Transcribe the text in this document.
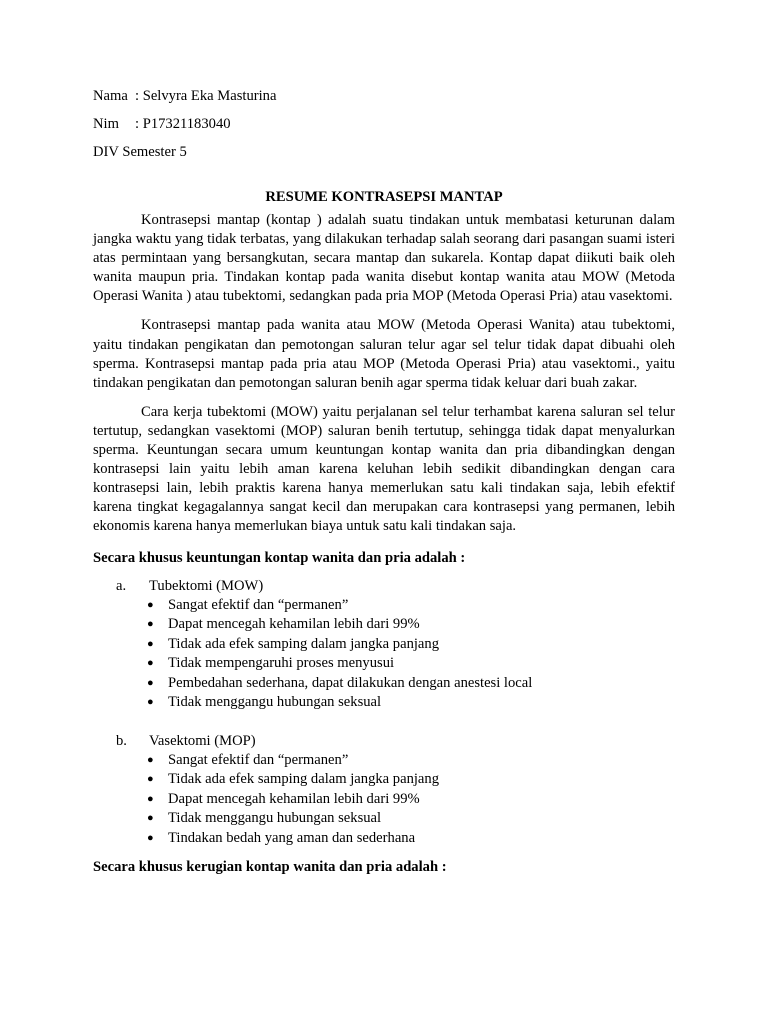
Nama : Selvyra Eka Masturina
Nim : P17321183040
DIV Semester 5
RESUME KONTRASEPSI MANTAP

Kontrasepsi mantap (kontap ) adalah suatu tindakan untuk membatasi keturunan dalam jangka waktu yang tidak terbatas, yang dilakukan terhadap salah seorang dari pasangan suami isteri atas permintaan yang bersangkutan, secara mantap dan sukarela. Kontap dapat diikuti baik oleh wanita maupun pria. Tindakan kontap pada wanita disebut kontap wanita atau MOW (Metoda Operasi Wanita ) atau tubektomi, sedangkan pada pria MOP (Metoda Operasi Pria) atau vasektomi.

Kontrasepsi mantap pada wanita atau MOW (Metoda Operasi Wanita) atau tubektomi, yaitu tindakan pengikatan dan pemotongan saluran telur agar sel telur tidak dapat dibuahi oleh sperma. Kontrasepsi mantap pada pria atau MOP (Metoda Operasi Pria) atau vasektomi., yaitu tindakan pengikatan dan pemotongan saluran benih agar sperma tidak keluar dari buah zakar.

Cara kerja tubektomi (MOW) yaitu perjalanan sel telur terhambat karena saluran sel telur tertutup, sedangkan vasektomi (MOP) saluran benih tertutup, sehingga tidak dapat menyalurkan sperma. Keuntungan secara umum keuntungan kontap wanita dan pria dibandingkan dengan kontrasepsi lain yaitu lebih aman karena keluhan lebih sedikit dibandingkan dengan cara kontrasepsi lain, lebih praktis karena hanya memerlukan satu kali tindakan saja, lebih efektif karena tingkat kegagalannya sangat kecil dan merupakan cara kontrasepsi yang permanen, lebih ekonomis karena hanya memerlukan biaya untuk satu kali tindakan saja.

Secara khusus keuntungan kontap wanita dan pria adalah :
a. Tubektomi (MOW)
● Sangat efektif dan “permanen”
● Dapat mencegah kehamilan lebih dari 99%
● Tidak ada efek samping dalam jangka panjang
● Tidak mempengaruhi proses menyusui
● Pembedahan sederhana, dapat dilakukan dengan anestesi local
● Tidak menggangu hubungan seksual
b. Vasektomi (MOP)
● Sangat efektif dan “permanen”
● Tidak ada efek samping dalam jangka panjang
● Dapat mencegah kehamilan lebih dari 99%
● Tidak menggangu hubungan seksual
● Tindakan bedah yang aman dan sederhana
Secara khusus kerugian kontap wanita dan pria adalah :
